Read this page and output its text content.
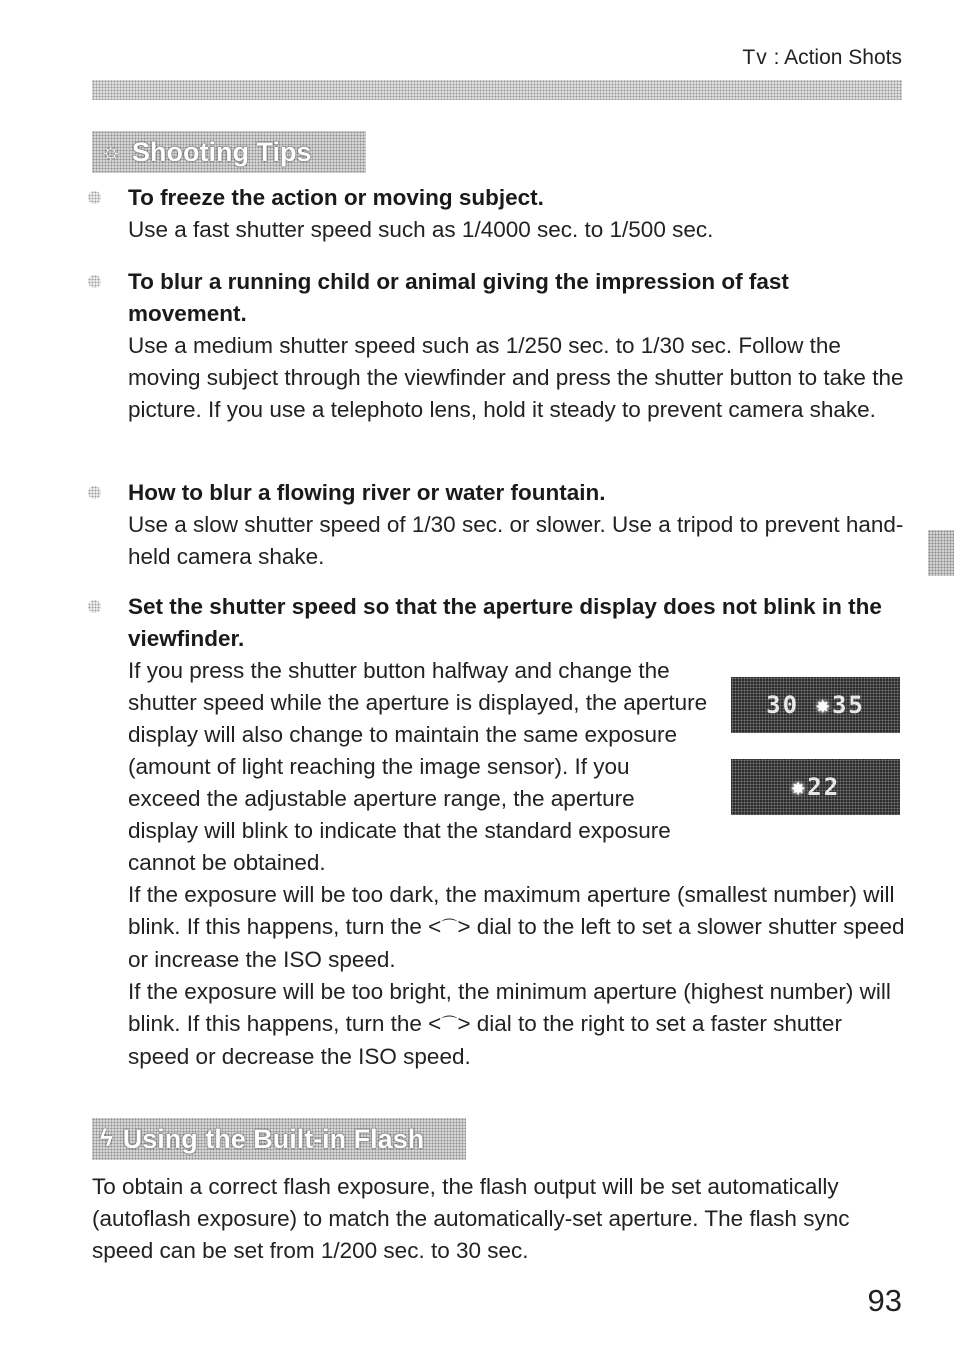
Tv : Action Shots
☼ Shooting Tips
To freeze the action or moving subject.
Use a fast shutter speed such as 1/4000 sec. to 1/500 sec.
To blur a running child or animal giving the impression of fast movement.
Use a medium shutter speed such as 1/250 sec. to 1/30 sec. Follow the moving subject through the viewfinder and press the shutter button to take the picture. If you use a telephoto lens, hold it steady to prevent camera shake.
How to blur a flowing river or water fountain.
Use a slow shutter speed of 1/30 sec. or slower. Use a tripod to prevent hand-held camera shake.
Set the shutter speed so that the aperture display does not blink in the viewfinder.
If you press the shutter button halfway and change the shutter speed while the aperture is displayed, the aperture display will also change to maintain the same exposure (amount of light reaching the image sensor). If you exceed the adjustable aperture range, the aperture display will blink to indicate that the standard exposure cannot be obtained.
If the exposure will be too dark, the maximum aperture (smallest number) will blink. If this happens, turn the <⌒> dial to the left to set a slower shutter speed or increase the ISO speed.
If the exposure will be too bright, the minimum aperture (highest number) will blink. If this happens, turn the <⌒> dial to the right to set a faster shutter speed or decrease the ISO speed.
30
✸ 35
✸ 22
ϟ Using the Built-in Flash
To obtain a correct flash exposure, the flash output will be set automatically (autoflash exposure) to match the automatically-set aperture. The flash sync speed can be set from 1/200 sec. to 30 sec.
93
